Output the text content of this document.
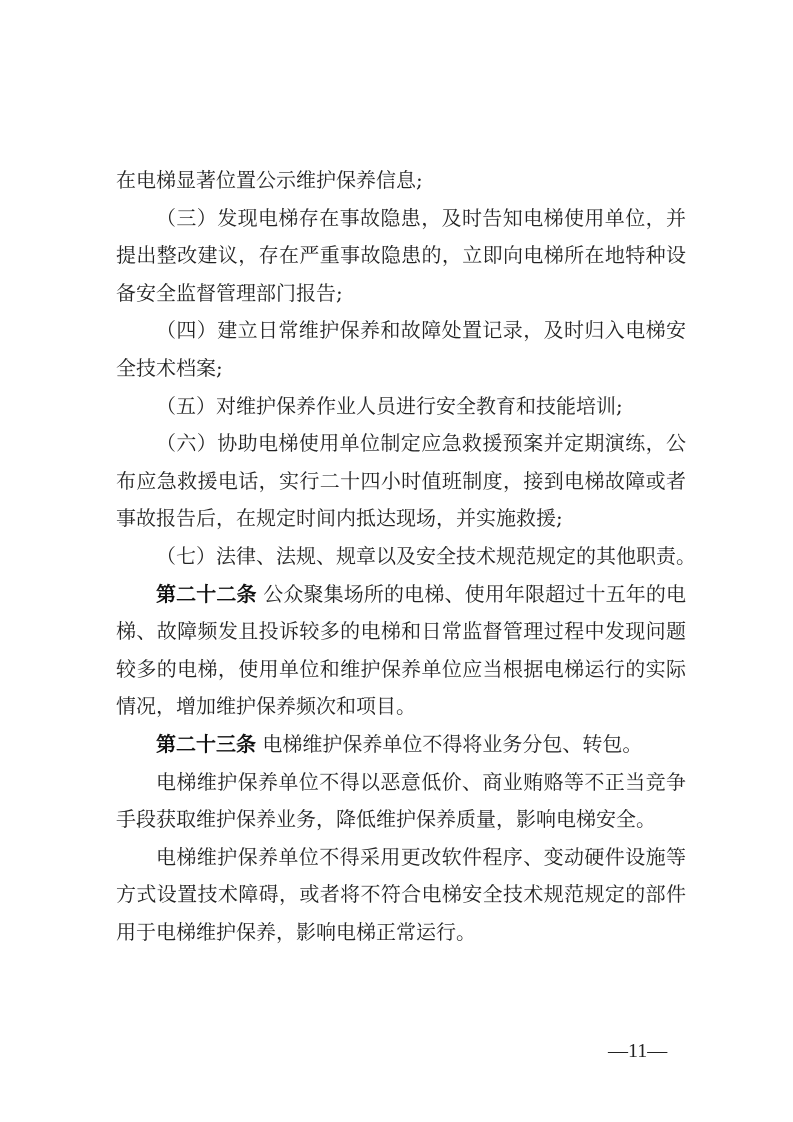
在电梯显著位置公示维护保养信息;
（三）发现电梯存在事故隐患，及时告知电梯使用单位，并
提出整改建议，存在严重事故隐患的，立即向电梯所在地特种设
备安全监督管理部门报告;
（四）建立日常维护保养和故障处置记录，及时归入电梯安
全技术档案;
（五）对维护保养作业人员进行安全教育和技能培训;
（六）协助电梯使用单位制定应急救援预案并定期演练，公
布应急救援电话，实行二十四小时值班制度，接到电梯故障或者
事故报告后，在规定时间内抵达现场，并实施救援;
（七）法律、法规、规章以及安全技术规范规定的其他职责。
第二十二条 公众聚集场所的电梯、使用年限超过十五年的电
梯、故障频发且投诉较多的电梯和日常监督管理过程中发现问题
较多的电梯，使用单位和维护保养单位应当根据电梯运行的实际
情况，增加维护保养频次和项目。
第二十三条 电梯维护保养单位不得将业务分包、转包。
电梯维护保养单位不得以恶意低价、商业贿赂等不正当竞争
手段获取维护保养业务，降低维护保养质量，影响电梯安全。
电梯维护保养单位不得采用更改软件程序、变动硬件设施等
方式设置技术障碍，或者将不符合电梯安全技术规范规定的部件
用于电梯维护保养，影响电梯正常运行。
—11—
